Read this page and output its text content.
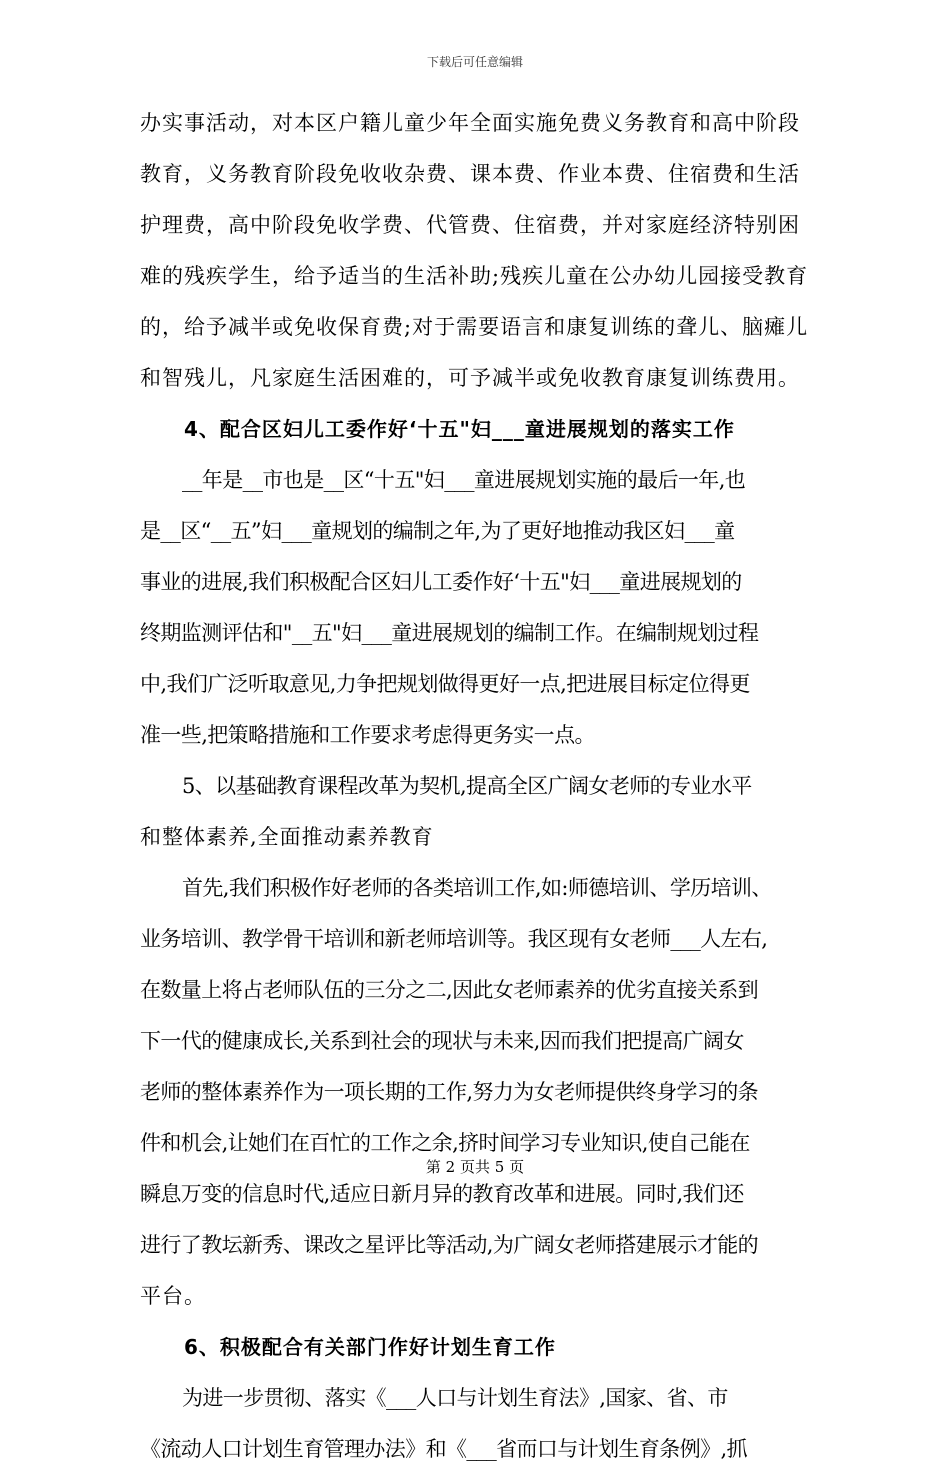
下载后可任意编辑
办实事活动，对本区户籍儿童少年全面实施免费义务教育和高中阶段
教育，义务教育阶段免收收杂费、课本费、作业本费、住宿费和生活
护理费，高中阶段免收学费、代管费、住宿费，并对家庭经济特别困
难的残疾学生，给予适当的生活补助;残疾儿童在公办幼儿园接受教育
的，给予减半或免收保育费;对于需要语言和康复训练的聋儿、脑瘫儿
和智残儿，凡家庭生活困难的，可予减半或免收教育康复训练费用。
4、配合区妇儿工委作好‘十五"妇___童进展规划的落实工作
__年是__市也是__区“十五"妇___童进展规划实施的最后一年,也
是__区“__五”妇___童规划的编制之年,为了更好地推动我区妇___童
事业的进展,我们积极配合区妇儿工委作好‘十五"妇___童进展规划的
终期监测评估和"__五"妇___童进展规划的编制工作。在编制规划过程
中,我们广泛听取意见,力争把规划做得更好一点,把进展目标定位得更
准一些,把策略措施和工作要求考虑得更务实一点。
5、以基础教育课程改革为契机,提高全区广阔女老师的专业水平
和整体素养,全面推动素养教育
首先,我们积极作好老师的各类培训工作,如:师德培训、学历培训、
业务培训、教学骨干培训和新老师培训等。我区现有女老师___人左右,
在数量上将占老师队伍的三分之二,因此女老师素养的优劣直接关系到
下一代的健康成长,关系到社会的现状与未来,因而我们把提高广阔女
老师的整体素养作为一项长期的工作,努力为女老师提供终身学习的条
件和机会,让她们在百忙的工作之余,挤时间学习专业知识,使自己能在
瞬息万变的信息时代,适应日新月异的教育改革和进展。同时,我们还
进行了教坛新秀、课改之星评比等活动,为广阔女老师搭建展示才能的
平台。
6、积极配合有关部门作好计划生育工作
为进一步贯彻、落实《___人口与计划生育法》,国家、省、市
《流动人口计划生育管理办法》和《___省而口与计划生育条例》,抓
第 2 页共 5 页
